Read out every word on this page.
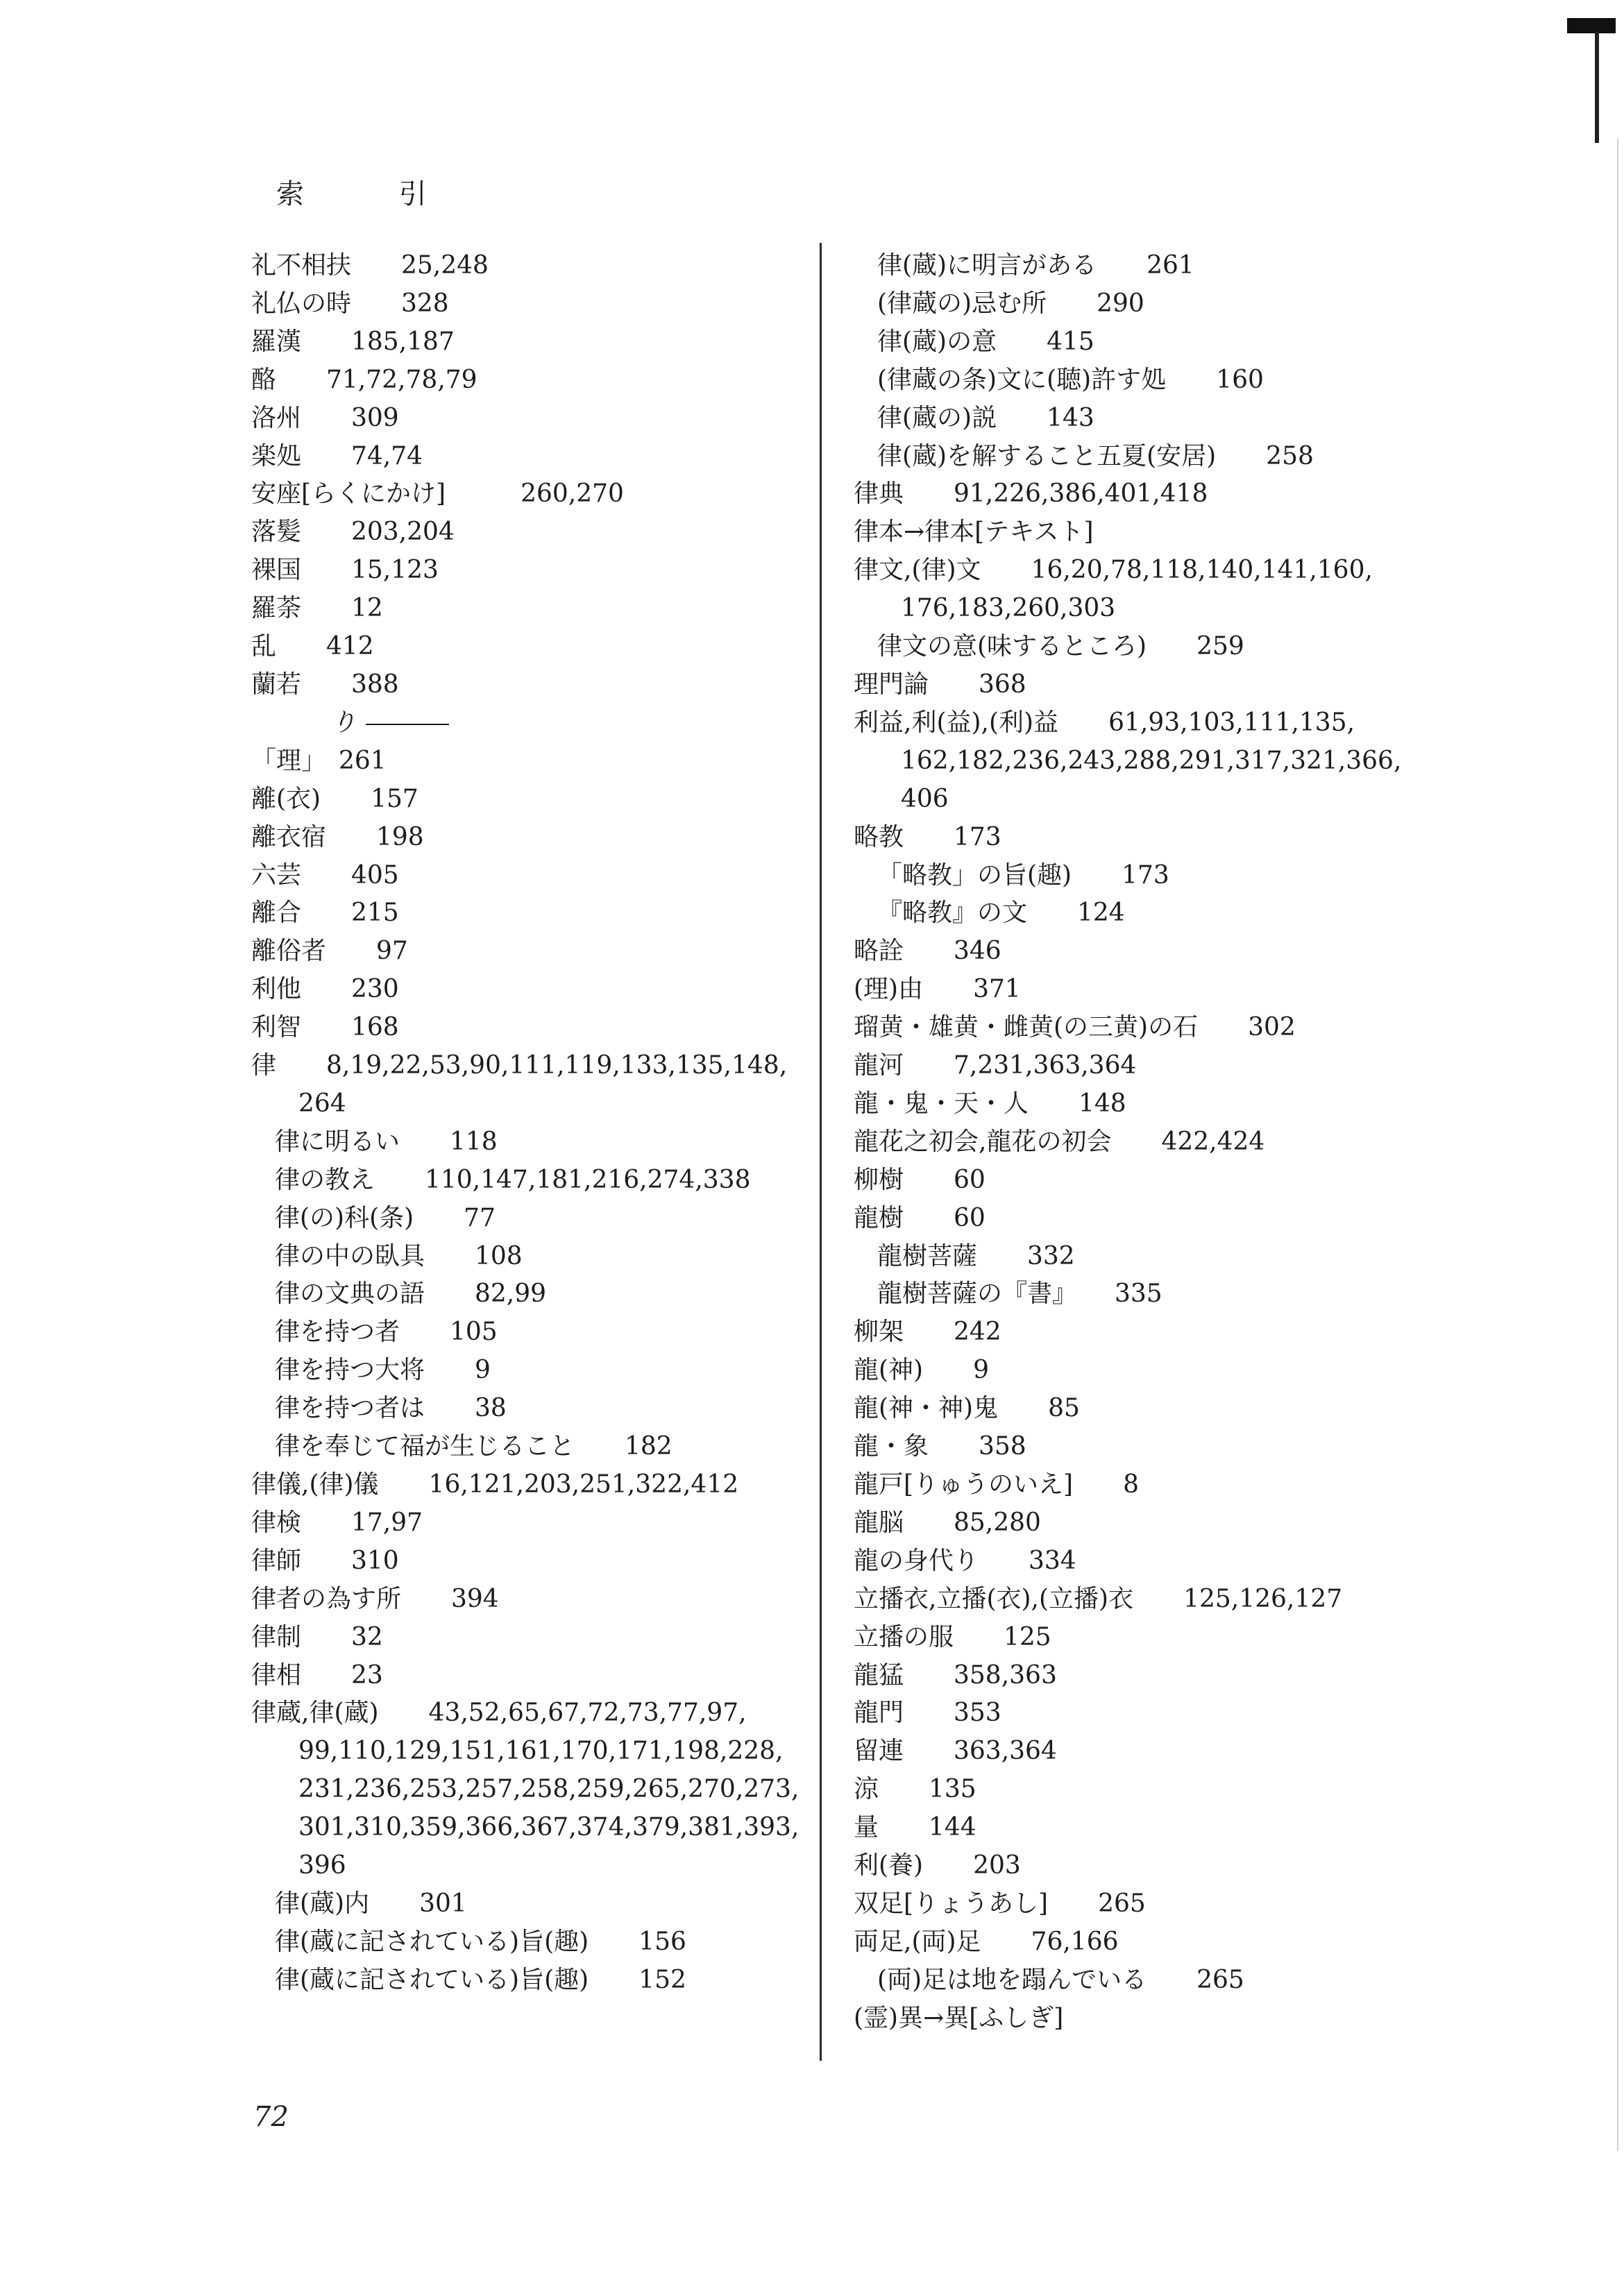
索 引
礼不相扶　　25,248
礼仏の時　　328
羅漢　　185,187
酪　　71,72,78,79
洛州　　309
楽処　　74,74
安座[らくにかけ]　　　260,270
落髪　　203,204
裸国　　15,123
羅荼　　12
乱　　412
蘭若　　388
り
「理」　261
離(衣)　　157
離衣宿　　198
六芸　　405
離合　　215
離俗者　　97
利他　　230
利智　　168
律　　8,19,22,53,90,111,119,133,135,148,
264
律に明るい　　118
律の教え　　110,147,181,216,274,338
律(の)科(条)　　77
律の中の臥具　　108
律の文典の語　　82,99
律を持つ者　　105
律を持つ大将　　9
律を持つ者は　　38
律を奉じて福が生じること　　182
律儀,(律)儀　　16,121,203,251,322,412
律検　　17,97
律師　　310
律者の為す所　　394
律制　　32
律相　　23
律蔵,律(蔵)　　43,52,65,67,72,73,77,97,
99,110,129,151,161,170,171,198,228,
231,236,253,257,258,259,265,270,273,
301,310,359,366,367,374,379,381,393,
396
律(蔵)内　　301
律(蔵に記されている)旨(趣)　　156
律(蔵に記されている)旨(趣)　　152
律(蔵)に明言がある　　261
(律蔵の)忌む所　　290
律(蔵)の意　　415
(律蔵の条)文に(聴)許す処　　160
律(蔵の)説　　143
律(蔵)を解すること五夏(安居)　　258
律典　　91,226,386,401,418
律本→律本[テキスト]
律文,(律)文　　16,20,78,118,140,141,160,
176,183,260,303
律文の意(味するところ)　　259
理門論　　368
利益,利(益),(利)益　　61,93,103,111,135,
162,182,236,243,288,291,317,321,366,
406
略教　　173
「略教」の旨(趣)　　173
『略教』の文　　124
略詮　　346
(理)由　　371
瑠黄・雄黄・雌黄(の三黄)の石　　302
龍河　　7,231,363,364
龍・鬼・天・人　　148
龍花之初会,龍花の初会　　422,424
柳樹　　60
龍樹　　60
龍樹菩薩　　332
龍樹菩薩の『書』　　335
柳架　　242
龍(神)　　9
龍(神・神)鬼　　85
龍・象　　358
龍戸[りゅうのいえ]　　8
龍脳　　85,280
龍の身代り　　334
立播衣,立播(衣),(立播)衣　　125,126,127
立播の服　　125
龍猛　　358,363
龍門　　353
留連　　363,364
涼　　135
量　　144
利(養)　　203
双足[りょうあし]　　265
両足,(両)足　　76,166
(両)足は地を蹋んでいる　　265
(霊)異→異[ふしぎ]
72
